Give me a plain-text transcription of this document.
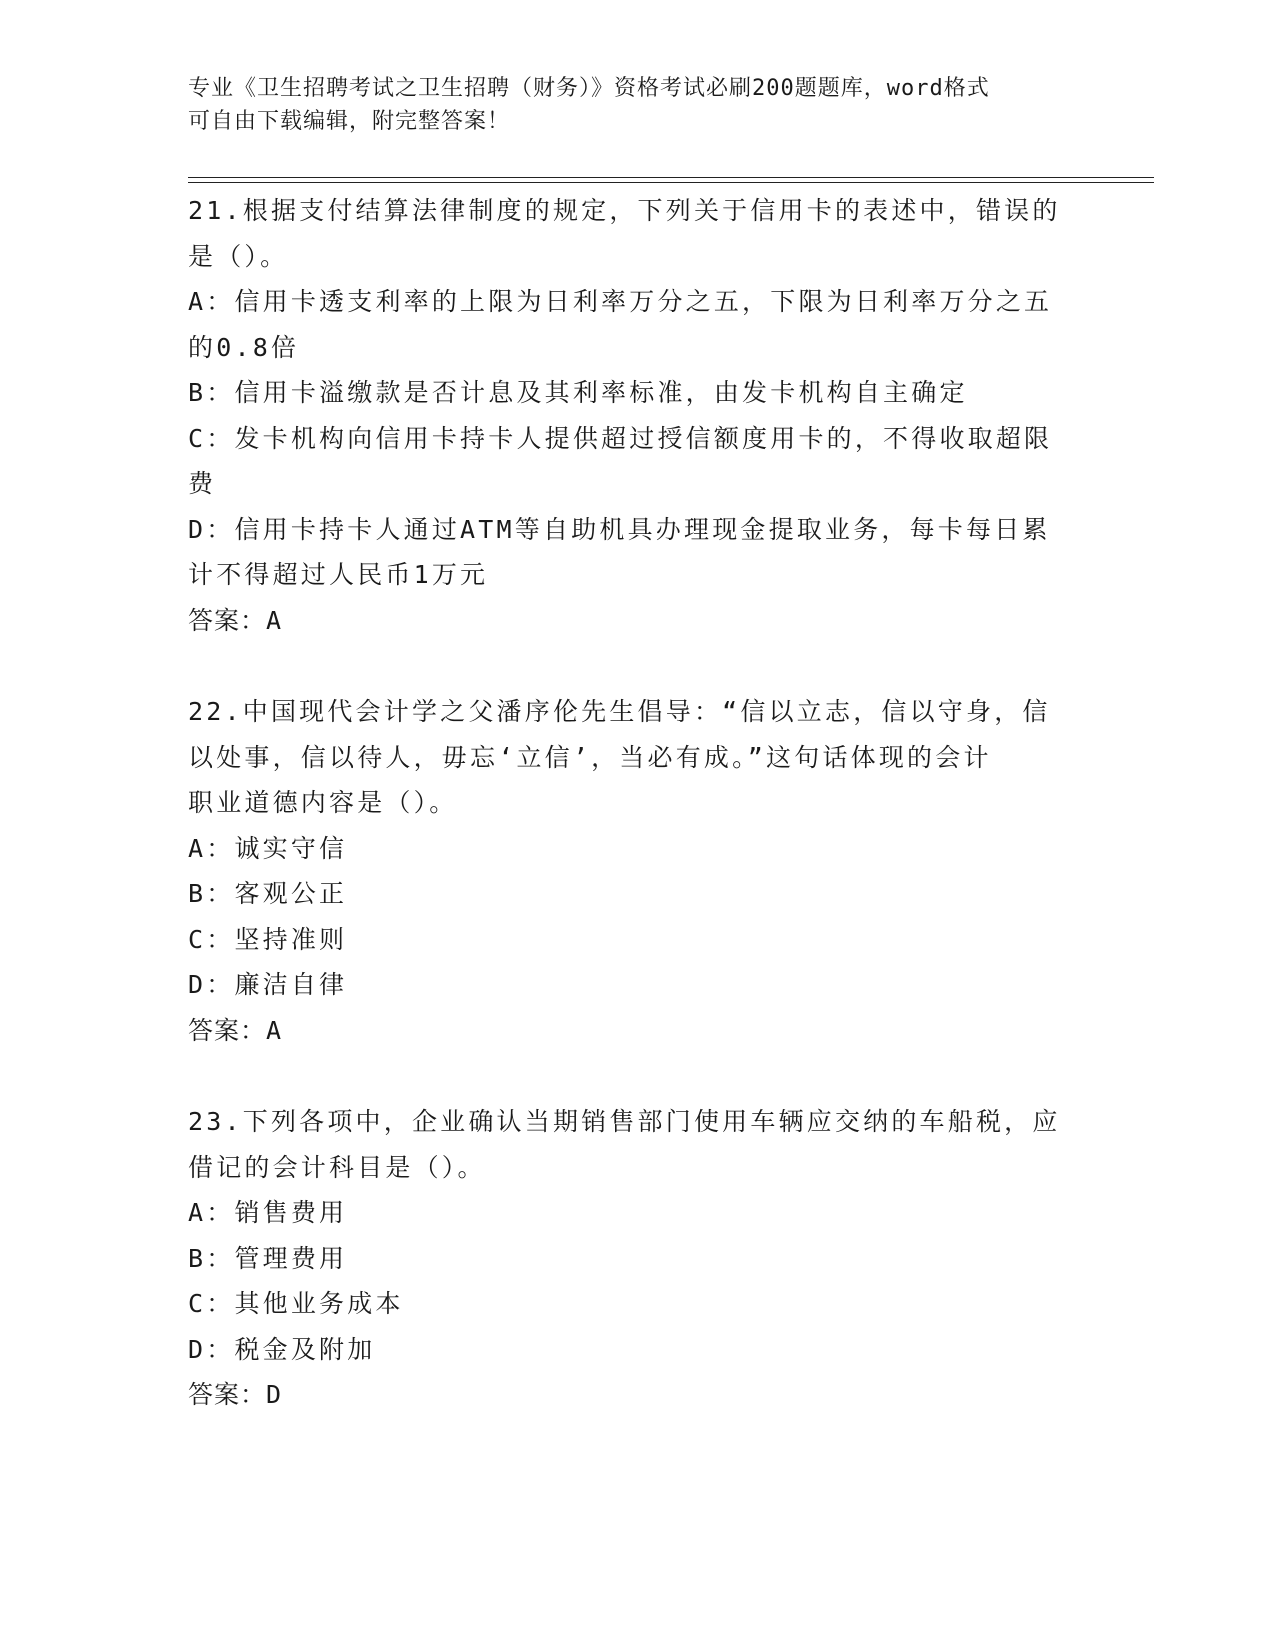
专业《卫生招聘考试之卫生招聘（财务）》资格考试必刷200题题库，word格式
可自由下载编辑，附完整答案！
21.根据支付结算法律制度的规定，下列关于信用卡的表述中，错误的
是（）。
A：信用卡透支利率的上限为日利率万分之五，下限为日利率万分之五
的0.8倍
B：信用卡溢缴款是否计息及其利率标准，由发卡机构自主确定
C：发卡机构向信用卡持卡人提供超过授信额度用卡的，不得收取超限
费
D：信用卡持卡人通过ATM等自助机具办理现金提取业务，每卡每日累
计不得超过人民币1万元
答案：A
22.中国现代会计学之父潘序伦先生倡导：“信以立志，信以守身，信
以处事，信以待人，毋忘‘立信’，当必有成。”这句话体现的会计
职业道德内容是（）。
A：诚实守信
B：客观公正
C：坚持准则
D：廉洁自律
答案：A
23.下列各项中，企业确认当期销售部门使用车辆应交纳的车船税，应
借记的会计科目是（）。
A：销售费用
B：管理费用
C：其他业务成本
D：税金及附加
答案：D
